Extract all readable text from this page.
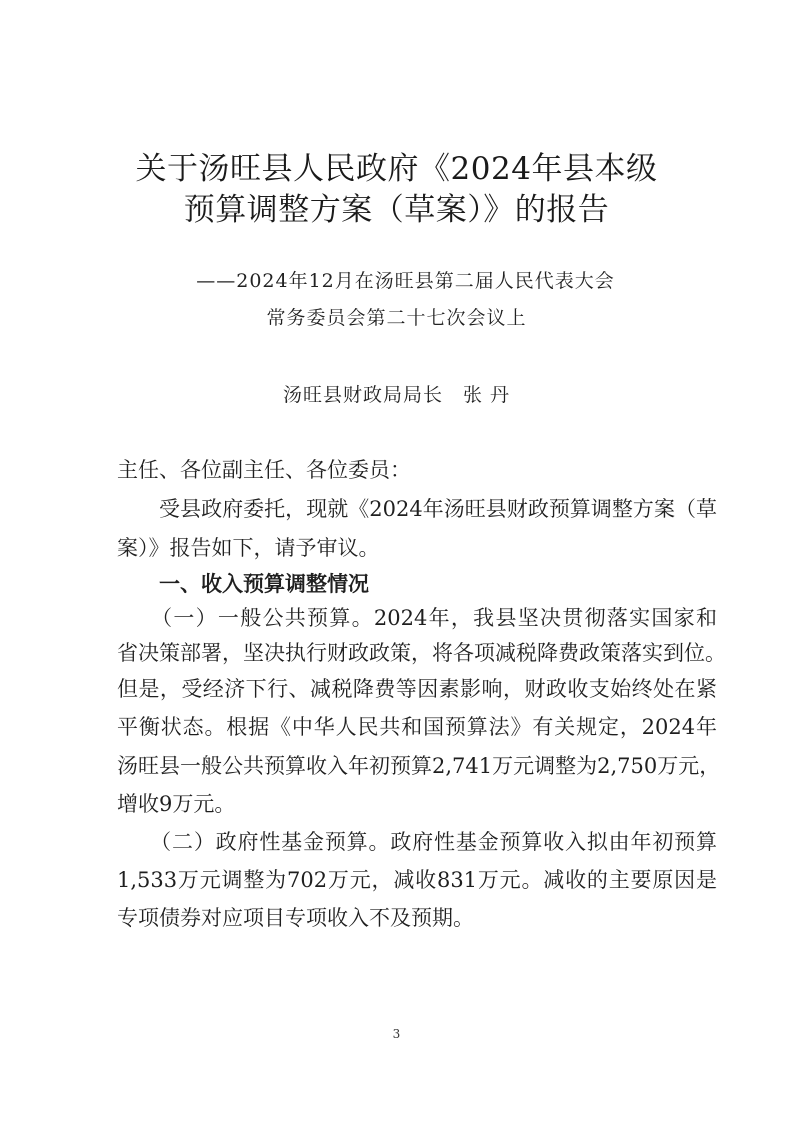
关于汤旺县人民政府《2024年县本级
预算调整方案（草案）》的报告
——2024年12月在汤旺县第二届人民代表大会
常务委员会第二十七次会议上
汤旺县财政局局长　张 丹
主任、各位副主任、各位委员：
　　受县政府委托，现就《2024年汤旺县财政预算调整方案（草
案）》报告如下，请予审议。
　　一、收入预算调整情况
　　（一）一般公共预算。2024年，我县坚决贯彻落实国家和
省决策部署，坚决执行财政政策，将各项减税降费政策落实到位。
但是，受经济下行、减税降费等因素影响，财政收支始终处在紧
平衡状态。根据《中华人民共和国预算法》有关规定，2024年
汤旺县一般公共预算收入年初预算2,741万元调整为2,750万元，
增收9万元。
　　（二）政府性基金预算。政府性基金预算收入拟由年初预算
1,533万元调整为702万元，减收831万元。减收的主要原因是
专项债券对应项目专项收入不及预期。
3
